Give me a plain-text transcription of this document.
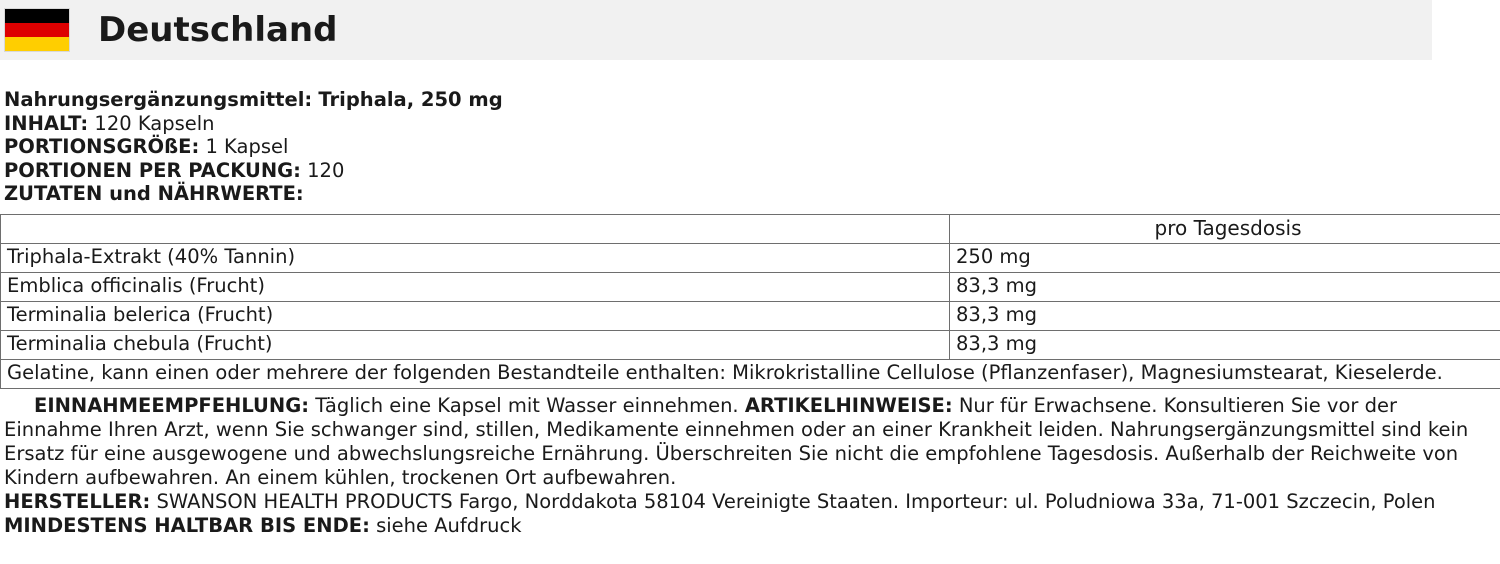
Deutschland
Nahrungsergänzungsmittel: Triphala, 250 mg
INHALT: 120 Kapseln
PORTIONSGRÖßE: 1 Kapsel
PORTIONEN PER PACKUNG: 120
ZUTATEN und NÄHRWERTE:
	pro Tagesdosis
Triphala-Extrakt (40% Tannin)	250 mg
Emblica officinalis (Frucht)	83,3 mg
Terminalia belerica (Frucht)	83,3 mg
Terminalia chebula (Frucht)	83,3 mg
Gelatine, kann einen oder mehrere der folgenden Bestandteile enthalten: Mikrokristalline Cellulose (Pflanzenfaser), Magnesiumstearat, Kieselerde.	

EINNAHMEEMPFEHLUNG: Täglich eine Kapsel mit Wasser einnehmen. ARTIKELHINWEISE: Nur für Erwachsene. Konsultieren Sie vor der Einnahme Ihren Arzt, wenn Sie schwanger sind, stillen, Medikamente einnehmen oder an einer Krankheit leiden. Nahrungsergänzungsmittel sind kein Ersatz für eine ausgewogene und abwechslungsreiche Ernährung. Überschreiten Sie nicht die empfohlene Tagesdosis. Außerhalb der Reichweite von Kindern aufbewahren. An einem kühlen, trockenen Ort aufbewahren.

HERSTELLER: SWANSON HEALTH PRODUCTS Fargo, Norddakota 58104 Vereinigte Staaten. Importeur: ul. Poludniowa 33a, 71-001 Szczecin, Polen

MINDESTENS HALTBAR BIS ENDE: siehe Aufdruck
